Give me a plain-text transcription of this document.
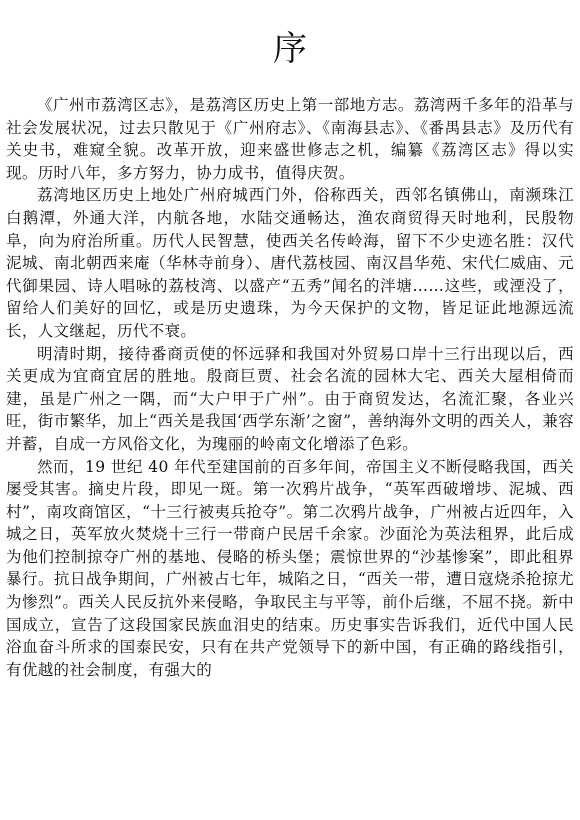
序

《广州市荔湾区志》，是荔湾区历史上第一部地方志。荔湾两千多年的沿革与社会发展状况，过去只散见于《广州府志》、《南海县志》、《番禺县志》及历代有关史书，难窥全貌。改革开放，迎来盛世修志之机，编纂《荔湾区志》得以实现。历时八年，多方努力，协力成书，值得庆贺。

荔湾地区历史上地处广州府城西门外，俗称西关，西邻名镇佛山，南濒珠江白鹅潭，外通大洋，内航各地，水陆交通畅达，渔农商贸得天时地利，民殷物阜，向为府治所重。历代人民智慧，使西关名传岭海，留下不少史迹名胜：汉代泥城、南北朝西来庵（华林寺前身）、唐代荔枝园、南汉昌华苑、宋代仁威庙、元代御果园、诗人唱咏的荔枝湾、以盛产“五秀”闻名的泮塘……这些，或湮没了，留给人们美好的回忆，或是历史遗珠，为今天保护的文物，皆足证此地源远流长，人文继起，历代不衰。

明清时期，接待番商贡使的怀远驿和我国对外贸易口岸十三行出现以后，西关更成为宜商宜居的胜地。殷商巨贾、社会名流的园林大宅、西关大屋相倚而建，虽是广州之一隅，而“大户甲于广州”。由于商贸发达，名流汇聚，各业兴旺，街市繁华，加上“西关是我国‘西学东渐’之窗”，善纳海外文明的西关人，兼容并蓄，自成一方风俗文化，为瑰丽的岭南文化增添了色彩。

然而，19 世纪 40 年代至建国前的百多年间，帝国主义不断侵略我国，西关屡受其害。摘史片段，即见一斑。第一次鸦片战争，“英军西破增埗、泥城、西村”，南攻商馆区，“十三行被夷兵抢夺”。第二次鸦片战争，广州被占近四年，入城之日，英军放火焚烧十三行一带商户民居千余家。沙面沦为英法租界，此后成为他们控制掠夺广州的基地、侵略的桥头堡；震惊世界的“沙基惨案”，即此租界暴行。抗日战争期间，广州被占七年，城陷之日，“西关一带，遭日寇烧杀抢掠尤为惨烈”。西关人民反抗外来侵略，争取民主与平等，前仆后继，不屈不挠。新中国成立，宣告了这段国家民族血泪史的结束。历史事实告诉我们，近代中国人民浴血奋斗所求的国泰民安，只有在共产党领导下的新中国，有正确的路线指引，有优越的社会制度，有强大的
